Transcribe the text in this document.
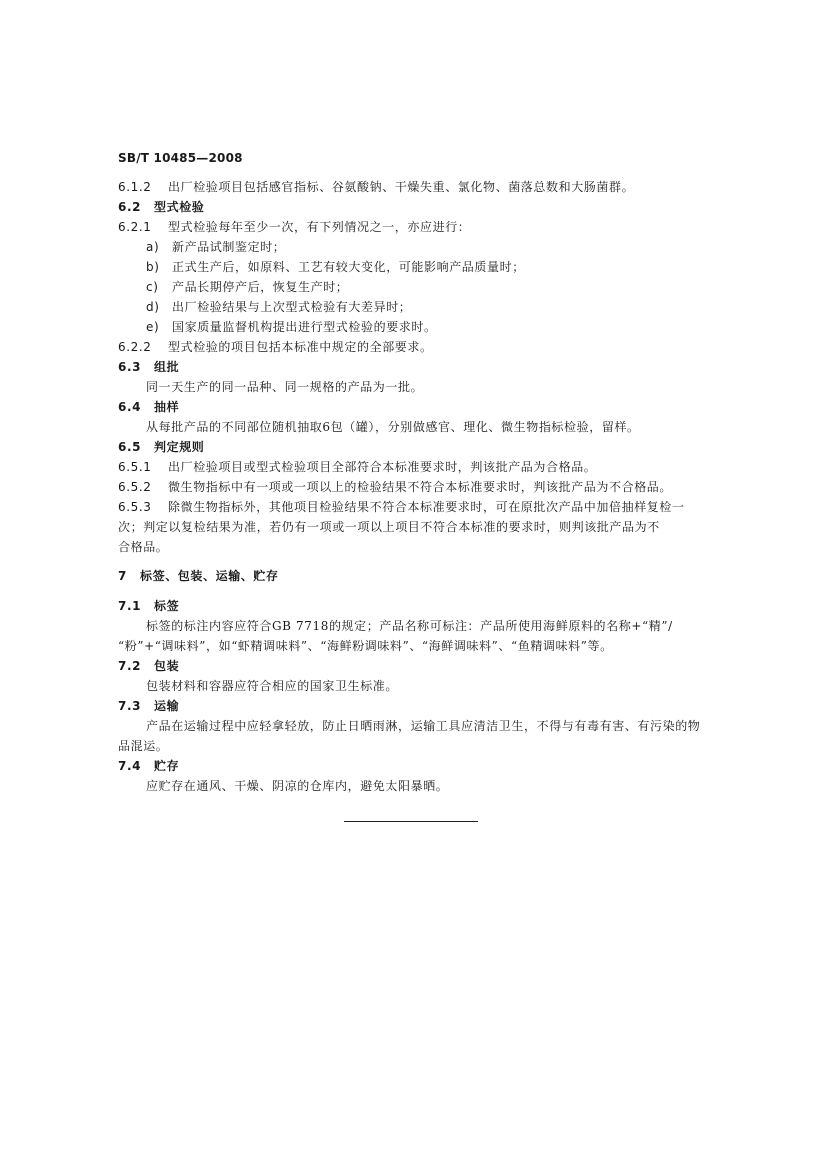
SB/T 10485—2008
6.1.2 出厂检验项目包括感官指标、谷氨酸钠、干燥失重、氯化物、菌落总数和大肠菌群。
6.2 型式检验
6.2.1 型式检验每年至少一次，有下列情况之一，亦应进行：
a) 新产品试制鉴定时；
b) 正式生产后，如原料、工艺有较大变化，可能影响产品质量时；
c) 产品长期停产后，恢复生产时；
d) 出厂检验结果与上次型式检验有大差异时；
e) 国家质量监督机构提出进行型式检验的要求时。
6.2.2 型式检验的项目包括本标准中规定的全部要求。
6.3 组批
同一天生产的同一品种、同一规格的产品为一批。
6.4 抽样
从每批产品的不同部位随机抽取6包（罐），分别做感官、理化、微生物指标检验，留样。
6.5 判定规则
6.5.1 出厂检验项目或型式检验项目全部符合本标准要求时，判该批产品为合格品。
6.5.2 微生物指标中有一项或一项以上的检验结果不符合本标准要求时，判该批产品为不合格品。
6.5.3 除微生物指标外，其他项目检验结果不符合本标准要求时，可在原批次产品中加倍抽样复检一
次；判定以复检结果为准，若仍有一项或一项以上项目不符合本标准的要求时，则判该批产品为不
合格品。
7 标签、包装、运输、贮存
7.1 标签
标签的标注内容应符合GB 7718的规定；产品名称可标注：产品所使用海鲜原料的名称+“精”/
“粉”+“调味料”，如“虾精调味料”、“海鲜粉调味料”、“海鲜调味料”、“鱼精调味料”等。
7.2 包装
包装材料和容器应符合相应的国家卫生标准。
7.3 运输
产品在运输过程中应轻拿轻放，防止日晒雨淋，运输工具应清洁卫生，不得与有毒有害、有污染的物
品混运。
7.4 贮存
应贮存在通风、干燥、阴凉的仓库内，避免太阳暴晒。
